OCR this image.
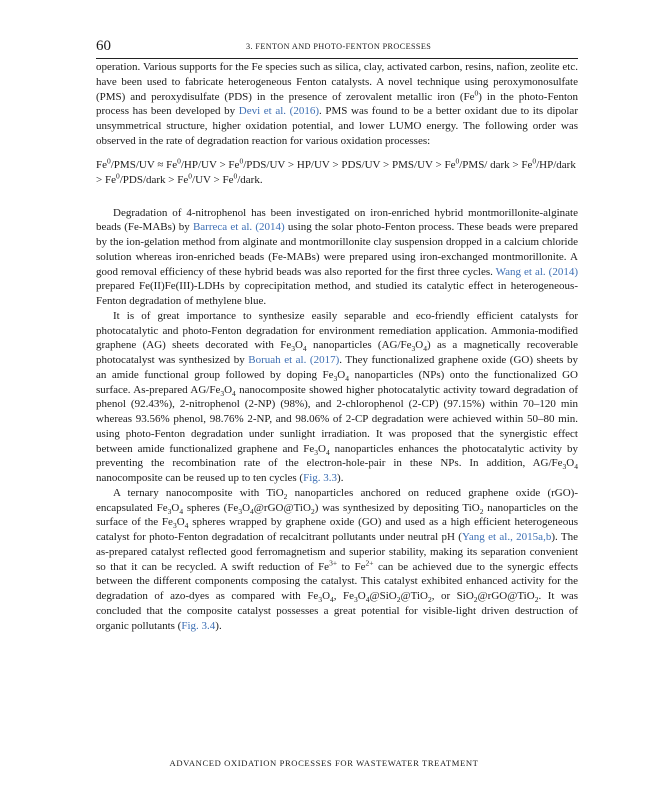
60	3. FENTON AND PHOTO-FENTON PROCESSES

operation. Various supports for the Fe species such as silica, clay, activated carbon, resins, nafion, zeolite etc. have been used to fabricate heterogeneous Fenton catalysts. A novel technique using peroxymonosulfate (PMS) and peroxydisulfate (PDS) in the presence of zerovalent metallic iron (Fe$^0$) in the photo-Fenton process has been developed by Devi et al. (2016). PMS was found to be a better oxidant due to its dipolar unsymmetrical structure, higher oxidation potential, and lower LUMO energy. The following order was observed in the rate of degradation reaction for various oxidation processes:

$Fe^0/PMS/UV \approx Fe^0/HP/UV > Fe^0/PDS/UV > HP/UV > PDS/UV > PMS/UV > Fe^0/PMS/$ dark > $Fe^0/HP$/dark > $Fe^0/PDS$/dark > $Fe^0/UV$ > $Fe^0$/dark.

Degradation of 4-nitrophenol has been investigated on iron-enriched hybrid montmorillonite-alginate beads (Fe-MABs) by Barreca et al. (2014) using the solar photo-Fenton process. These beads were prepared by the ion-gelation method from alginate and montmorillonite clay suspension dropped in a calcium chloride solution whereas iron-enriched beads (Fe-MABs) were prepared using iron-exchanged montmorillonite. A good removal efficiency of these hybrid beads was also reported for the first three cycles. Wang et al. (2014) prepared Fe(II)Fe(III)-LDHs by coprecipitation method, and studied its catalytic effect in heterogeneous-Fenton degradation of methylene blue.

It is of great importance to synthesize easily separable and eco-friendly efficient catalysts for photocatalytic and photo-Fenton degradation for environment remediation application. Ammonia-modified graphene (AG) sheets decorated with $Fe_3O_4$ nanoparticles $(AG/Fe_3O_4)$ as a magnetically recoverable photocatalyst was synthesized by Boruah et al. (2017). They functionalized graphene oxide (GO) sheets by an amide functional group followed by doping $Fe_3O_4$ nanoparticles (NPs) onto the functionalized GO surface. As-prepared $AG/Fe_3O_4$ nanocomposite showed higher photocatalytic activity toward degradation of phenol (92.43%), 2-nitrophenol (2-NP) (98%), and 2-chlorophenol (2-CP) (97.15%) within 70–120 min whereas 93.56% phenol, 98.76% 2-NP, and 98.06% of 2-CP degradation were achieved within 50–80 min. using photo-Fenton degradation under sunlight irradiation. It was proposed that the synergistic effect between amide functionalized graphene and $Fe_3O_4$ nanoparticles enhances the photocatalytic activity by preventing the recombination rate of the electron-hole-pair in these NPs. In addition, $AG/Fe_3O_4$ nanocomposite can be reused up to ten cycles (Fig. 3.3).

A ternary nanocomposite with TiO$_2$ nanoparticles anchored on reduced graphene oxide (rGO)-encapsulated $Fe_3O_4$ spheres $(Fe_3O_4@rGO@TiO_2)$ was synthesized by depositing TiO$_2$ nanoparticles on the surface of the $Fe_3O_4$ spheres wrapped by graphene oxide (GO) and used as a high efficient heterogeneous catalyst for photo-Fenton degradation of recalcitrant pollutants under neutral pH (Yang et al., 2015a,b). The as-prepared catalyst reflected good ferromagnetism and superior stability, making its separation convenient so that it can be recycled. A swift reduction of $Fe^{3+}$ to $Fe^{2+}$ can be achieved due to the synergic effects between the different components composing the catalyst. This catalyst exhibited enhanced activity for the degradation of azo-dyes as compared with $Fe_3O_4$, $Fe_3O_4@SiO_2@TiO_2$, or SiO$_2$@rGO@TiO$_2$. It was concluded that the composite catalyst possesses a great potential for visible-light driven destruction of organic pollutants (Fig. 3.4).

ADVANCED OXIDATION PROCESSES FOR WASTEWATER TREATMENT
